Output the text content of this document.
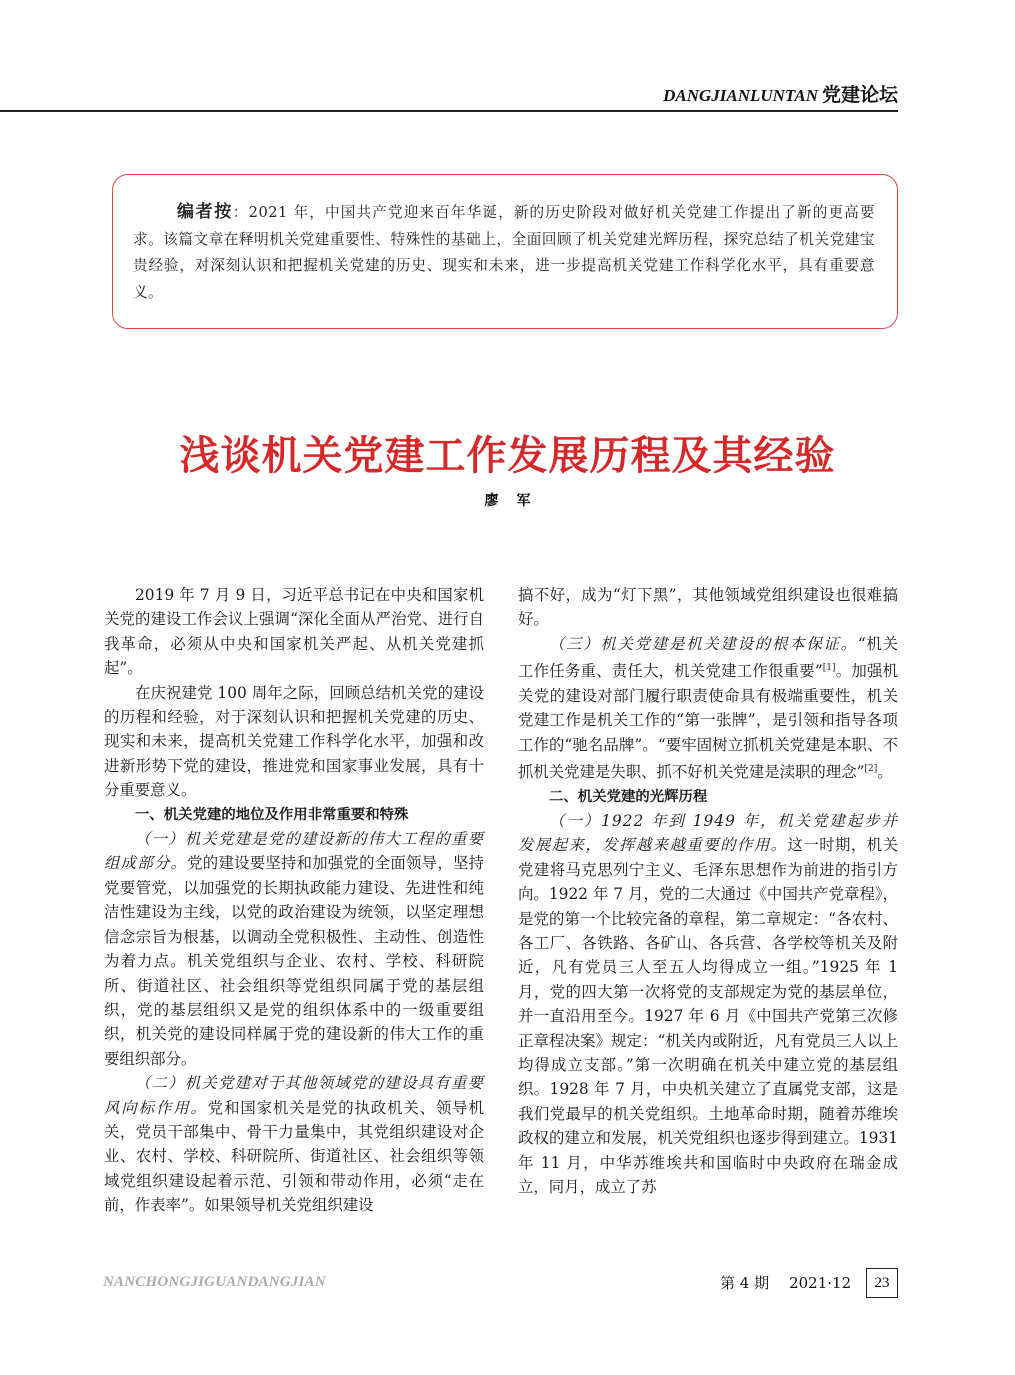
DANGJIANLUNTAN 党建论坛

编者按：2021 年，中国共产党迎来百年华诞，新的历史阶段对做好机关党建工作提出了新的更高要求。该篇文章在释明机关党建重要性、特殊性的基础上，全面回顾了机关党建光辉历程，探究总结了机关党建宝贵经验，对深刻认识和把握机关党建的历史、现实和未来，进一步提高机关党建工作科学化水平，具有重要意义。

浅谈机关党建工作发展历程及其经验
廖军

2019 年 7 月 9 日，习近平总书记在中央和国家机关党的建设工作会议上强调“深化全面从严治党、进行自我革命，必须从中央和国家机关严起、从机关党建抓起”。

在庆祝建党 100 周年之际，回顾总结机关党的建设的历程和经验，对于深刻认识和把握机关党建的历史、现实和未来，提高机关党建工作科学化水平，加强和改进新形势下党的建设，推进党和国家事业发展，具有十分重要意义。

一、机关党建的地位及作用非常重要和特殊

（一）机关党建是党的建设新的伟大工程的重要组成部分。党的建设要坚持和加强党的全面领导，坚持党要管党，以加强党的长期执政能力建设、先进性和纯洁性建设为主线，以党的政治建设为统领，以坚定理想信念宗旨为根基，以调动全党积极性、主动性、创造性为着力点。机关党组织与企业、农村、学校、科研院所、街道社区、社会组织等党组织同属于党的基层组织，党的基层组织又是党的组织体系中的一级重要组织，机关党的建设同样属于党的建设新的伟大工作的重要组织部分。

（二）机关党建对于其他领域党的建设具有重要风向标作用。党和国家机关是党的执政机关、领导机关，党员干部集中、骨干力量集中，其党组织建设对企业、农村、学校、科研院所、街道社区、社会组织等领域党组织建设起着示范、引领和带动作用，必须“走在前，作表率”。如果领导机关党组织建设

搞不好，成为“灯下黑”，其他领域党组织建设也很难搞好。

（三）机关党建是机关建设的根本保证。“机关工作任务重、责任大，机关党建工作很重要”[1]。加强机关党的建设对部门履行职责使命具有极端重要性，机关党建工作是机关工作的“第一张牌”，是引领和指导各项工作的“驰名品牌”。“要牢固树立抓机关党建是本职、不抓机关党建是失职、抓不好机关党建是渎职的理念”[2]。

二、机关党建的光辉历程

（一）1922 年到 1949 年，机关党建起步并发展起来，发挥越来越重要的作用。这一时期，机关党建将马克思列宁主义、毛泽东思想作为前进的指引方向。1922 年 7 月，党的二大通过《中国共产党章程》，是党的第一个比较完备的章程，第二章规定：“各农村、各工厂、各铁路、各矿山、各兵营、各学校等机关及附近，凡有党员三人至五人均得成立一组。”1925 年 1 月，党的四大第一次将党的支部规定为党的基层单位，并一直沿用至今。1927 年 6 月《中国共产党第三次修正章程决案》规定：“机关内或附近，凡有党员三人以上均得成立支部。”第一次明确在机关中建立党的基层组织。1928 年 7 月，中央机关建立了直属党支部，这是我们党最早的机关党组织。土地革命时期，随着苏维埃政权的建立和发展，机关党组织也逐步得到建立。1931 年 11 月，中华苏维埃共和国临时中央政府在瑞金成立，同月，成立了苏

NANCHONGJIGUANDANGJIAN	第 4 期 2021·12	23
